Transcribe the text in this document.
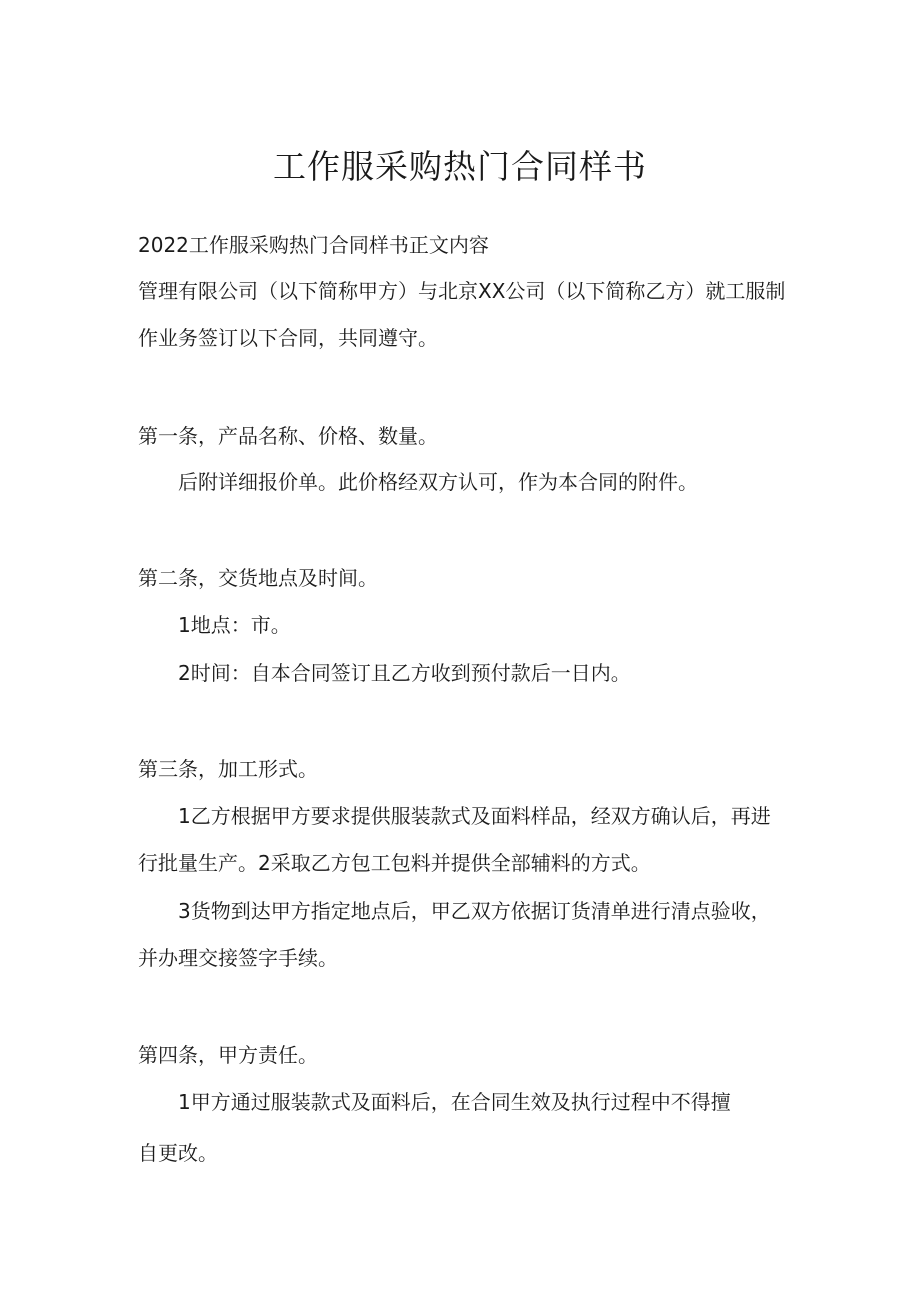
工作服采购热门合同样书

2022工作服采购热门合同样书正文内容

管理有限公司（以下简称甲方）与北京XX公司（以下简称乙方）就工服制

作业务签订以下合同，共同遵守。

第一条，产品名称、价格、数量。

后附详细报价单。此价格经双方认可，作为本合同的附件。

第二条，交货地点及时间。

1地点：市。

2时间：自本合同签订且乙方收到预付款后一日内。

第三条，加工形式。

1乙方根据甲方要求提供服装款式及面料样品，经双方确认后，再进

行批量生产。2采取乙方包工包料并提供全部辅料的方式。

3货物到达甲方指定地点后，甲乙双方依据订货清单进行清点验收，

并办理交接签字手续。

第四条，甲方责任。

1甲方通过服装款式及面料后，在合同生效及执行过程中不得擅

自更改。
